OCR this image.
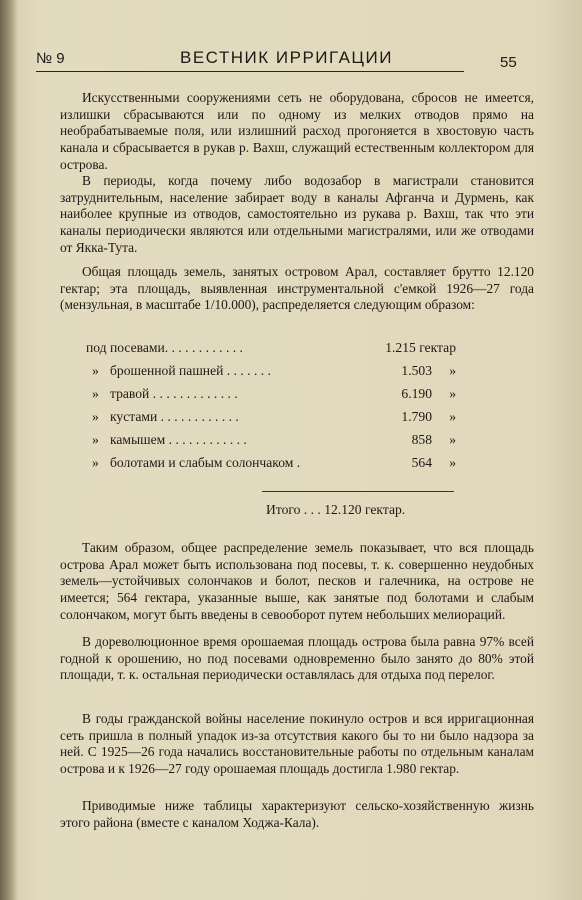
№ 9	ВЕСТНИК ИРРИГАЦИИ	55

Искусственными сооружениями сеть не оборудована, сбросов не имеется, излишки сбрасываются или по одному из мелких отводов прямо на необрабатываемые поля, или излишний расход прогоняется в хвостовую часть канала и сбрасывается в рукав р. Вахш, служащий естественным коллектором для острова.

В периоды, когда почему либо водозабор в магистрали становится затруднительным, население забирает воду в каналы Афганча и Дурмень, как наиболее крупные из отводов, самостоятельно из рукава р. Вахш, так что эти каналы периодически являются или отдельными магистралями, или же отводами от Якка-Тута.

Общая площадь земель, занятых островом Арал, составляет брутто 12.120 гектар; эта площадь, выявленная инструментальной с'емкой 1926—27 года (мензульная, в масштабе 1/10.000), распределяется следующим образом:

под посевами. . . . . . . . . . . .	1.215 гектар
» брошенной пашней . . . . . . .	1.503 »
» травой . . . . . . . . . . . . .	6.190 »
» кустами . . . . . . . . . . . .	1.790 »
» камышем . . . . . . . . . . . .	858 »
» болотами и слабым солончаком .	564 »
Итого . . . 12.120 гектар.

Таким образом, общее распределение земель показывает, что вся площадь острова Арал может быть использована под посевы, т. к. совершенно неудобных земель—устойчивых солончаков и болот, песков и галечника, на острове не имеется; 564 гектара, указанные выше, как занятые под болотами и слабым солончаком, могут быть введены в севооборот путем небольших мелиораций.

В дореволюционное время орошаемая площадь острова была равна 97% всей годной к орошению, но под посевами одновременно было занято до 80% этой площади, т. к. остальная периодически оставлялась для отдыха под перелог.

В годы гражданской войны население покинуло остров и вся ирригационная сеть пришла в полный упадок из-за отсутствия какого бы то ни было надзора за ней. С 1925—26 года начались восстановительные работы по отдельным каналам острова и к 1926—27 году орошаемая площадь достигла 1.980 гектар.

Приводимые ниже таблицы характеризуют сельско-хозяйственную жизнь этого района (вместе с каналом Ходжа-Кала).
